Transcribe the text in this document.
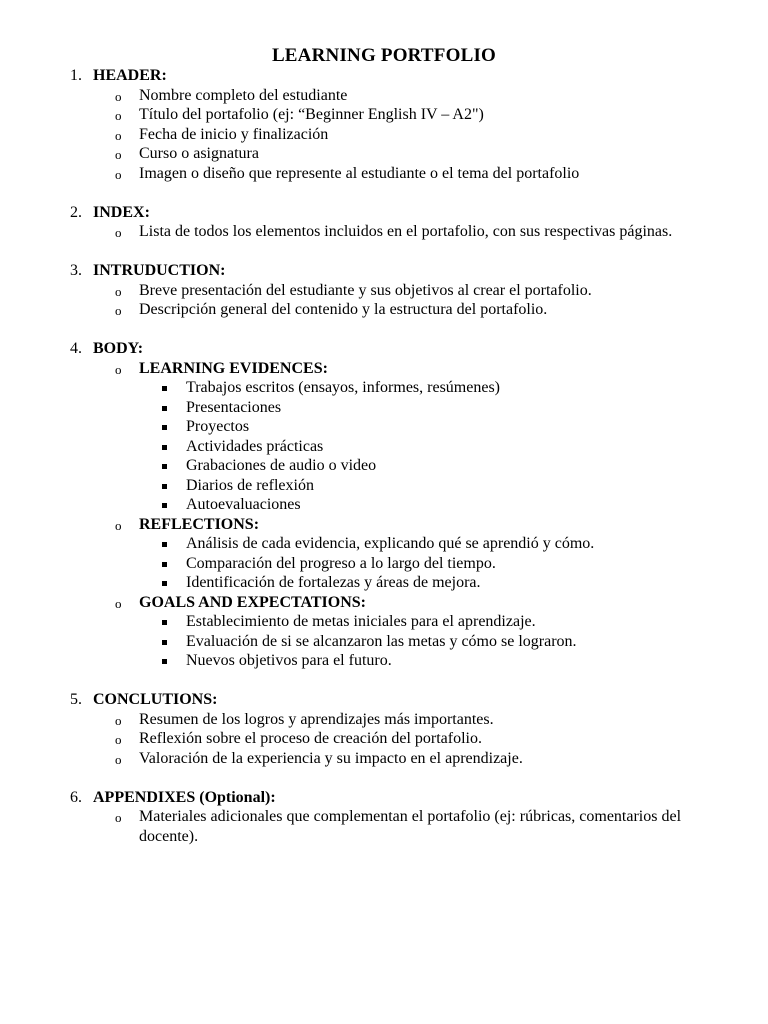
LEARNING PORTFOLIO
1. HEADER:

o Nombre completo del estudiante
o Título del portafolio (ej: “Beginner English IV – A2")
o Fecha de inicio y finalización
o Curso o asignatura
o Imagen o diseño que represente al estudiante o el tema del portafolio
2. INDEX:

o Lista de todos los elementos incluidos en el portafolio, con sus respectivas páginas.
3. INTRUDUCTION:

o Breve presentación del estudiante y sus objetivos al crear el portafolio.
o Descripción general del contenido y la estructura del portafolio.
4. BODY:

o LEARNING EVIDENCES:
Trabajos escritos (ensayos, informes, resúmenes)
Presentaciones
Proyectos
Actividades prácticas
Grabaciones de audio o video
Diarios de reflexión
Autoevaluaciones
o REFLECTIONS:
Análisis de cada evidencia, explicando qué se aprendió y cómo.
Comparación del progreso a lo largo del tiempo.
Identificación de fortalezas y áreas de mejora.
o GOALS AND EXPECTATIONS:
Establecimiento de metas iniciales para el aprendizaje.
Evaluación de si se alcanzaron las metas y cómo se lograron.
Nuevos objetivos para el futuro.
5. CONCLUTIONS:

o Resumen de los logros y aprendizajes más importantes.
o Reflexión sobre el proceso de creación del portafolio.
o Valoración de la experiencia y su impacto en el aprendizaje.
6. APPENDIXES (Optional):

o Materiales adicionales que complementan el portafolio (ej: rúbricas, comentarios del docente).
